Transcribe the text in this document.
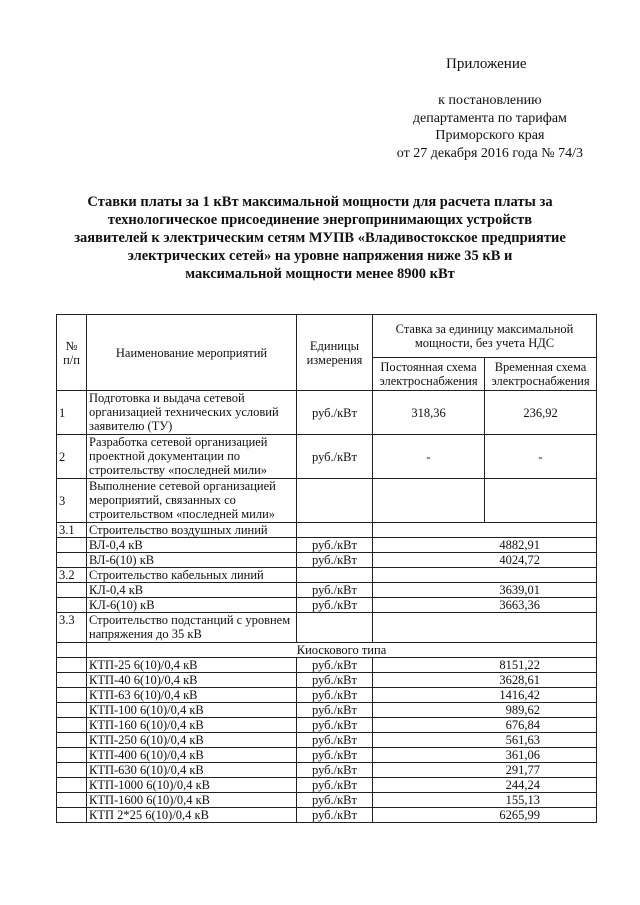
Приложение
к постановлению
департамента по тарифам
Приморского края
от 27 декабря 2016 года № 74/3
Ставки платы за 1 кВт максимальной мощности для расчета платы за
технологическое присоединение энергопринимающих устройств
заявителей к электрическим сетям МУПВ «Владивостокское предприятие
электрических сетей» на уровне напряжения ниже 35 кВ и
максимальной мощности менее 8900 кВт
№ п/п	Наименование мероприятий	Единицы измерения	Ставка за единицу максимальной мощности, без учета НДС	
			Постоянная схема электроснабжения	Временная схема электроснабжения
1	Подготовка и выдача сетевой организацией технических условий заявителю (ТУ)	руб./кВт	318,36	236,92
2	Разработка сетевой организацией проектной документации по строительству «последней мили»	руб./кВт	-	-
3	Выполнение сетевой организацией мероприятий, связанных со строительством «последней мили»			
3.1	Строительство воздушных линий			
	ВЛ-0,4 кВ	руб./кВт	4882,91	
	ВЛ-6(10) кВ	руб./кВт	4024,72	
3.2	Строительство кабельных линий			
	КЛ-0,4 кВ	руб./кВт	3639,01	
	КЛ-6(10) кВ	руб./кВт	3663,36	
3.3	Строительство подстанций с уровнем напряжения до 35 кВ			
	Киоскового типа			
	КТП-25 6(10)/0,4 кВ	руб./кВт	8151,22	
	КТП-40 6(10)/0,4 кВ	руб./кВт	3628,61	
	КТП-63 6(10)/0,4 кВ	руб./кВт	1416,42	
	КТП-100 6(10)/0,4 кВ	руб./кВт	989,62	
	КТП-160 6(10)/0,4 кВ	руб./кВт	676,84	
	КТП-250 6(10)/0,4 кВ	руб./кВт	561,63	
	КТП-400 6(10)/0,4 кВ	руб./кВт	361,06	
	КТП-630 6(10)/0,4 кВ	руб./кВт	291,77	
	КТП-1000 6(10)/0,4 кВ	руб./кВт	244,24	
	КТП-1600 6(10)/0,4 кВ	руб./кВт	155,13	
	КТП 2*25 6(10)/0,4 кВ	руб./кВт	6265,99	
